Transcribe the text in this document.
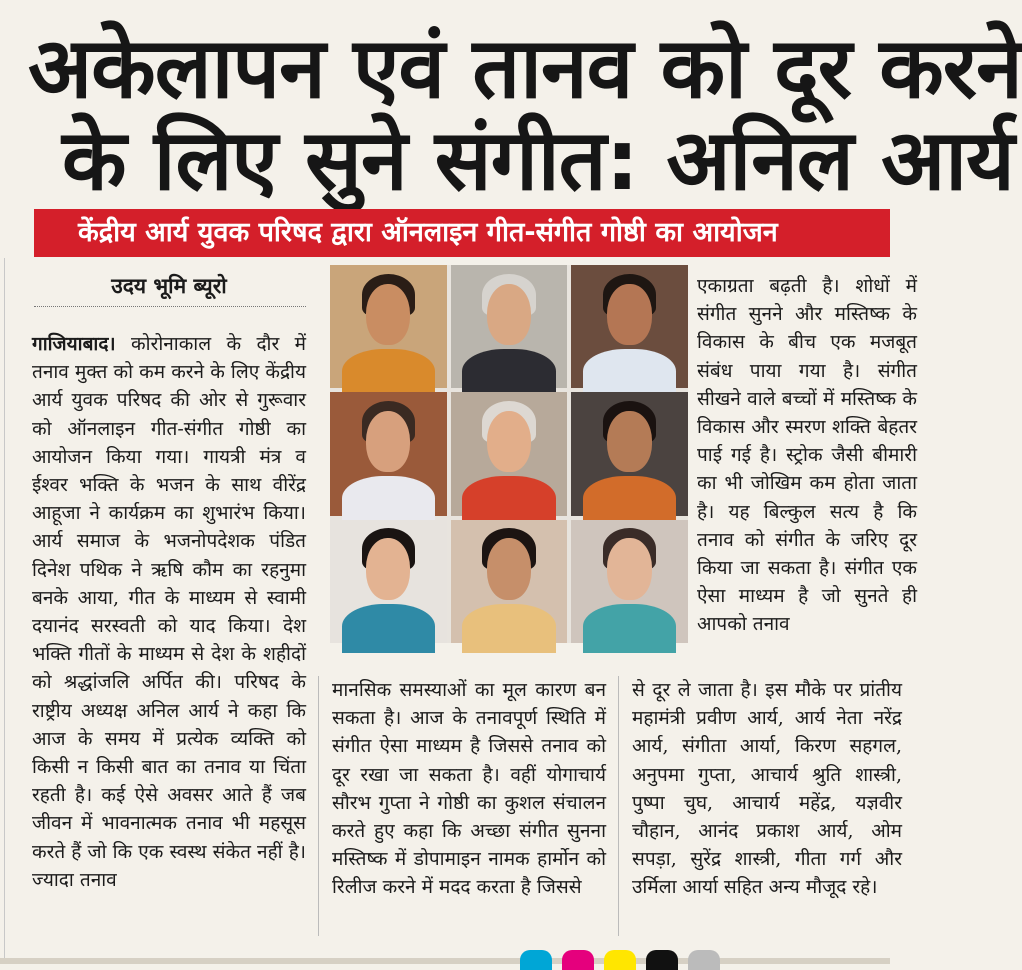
अकेलापन एवं तानव को दूर करने
के लिए सुने संगीत: अनिल आर्य
केंद्रीय आर्य युवक परिषद द्वारा ऑनलाइन गीत-संगीत गोष्ठी का आयोजन
उदय भूमि ब्यूरो

गाजियाबाद। कोरोनाकाल के दौर में तनाव मुक्त को कम करने के लिए केंद्रीय आर्य युवक परिषद की ओर से गुरूवार को ऑनलाइन गीत-संगीत गोष्ठी का आयोजन किया गया। गायत्री मंत्र व ईश्वर भक्ति के भजन के साथ वीरेंद्र आहूजा ने कार्यक्रम का शुभारंभ किया। आर्य समाज के भजनोपदेशक पंडित दिनेश पथिक ने ऋषि कौम का रहनुमा बनके आया, गीत के माध्यम से स्वामी दयानंद सरस्वती को याद किया। देश भक्ति गीतों के माध्यम से देश के शहीदों को श्रद्धांजलि अर्पित की। परिषद के राष्ट्रीय अध्यक्ष अनिल आर्य ने कहा कि आज के समय में प्रत्येक व्यक्ति को किसी न किसी बात का तनाव या चिंता रहती है। कई ऐसे अवसर आते हैं जब जीवन में भावनात्मक तनाव भी महसूस करते हैं जो कि एक स्वस्थ संकेत नहीं है। ज्यादा तनाव

एकाग्रता बढ़ती है। शोधों में संगीत सुनने और मस्तिष्क के विकास के बीच एक मजबूत संबंध पाया गया है। संगीत सीखने वाले बच्चों में मस्तिष्क के विकास और स्मरण शक्ति बेहतर पाई गई है। स्ट्रोक जैसी बीमारी का भी जोखिम कम होता जाता है। यह बिल्कुल सत्य है कि तनाव को संगीत के जरिए दूर किया जा सकता है। संगीत एक ऐसा माध्यम है जो सुनते ही आपको तनाव

मानसिक समस्याओं का मूल कारण बन सकता है। आज के तनावपूर्ण स्थिति में संगीत ऐसा माध्यम है जिससे तनाव को दूर रखा जा सकता है। वहीं योगाचार्य सौरभ गुप्ता ने गोष्ठी का कुशल संचालन करते हुए कहा कि अच्छा संगीत सुनना मस्तिष्क में डोपामाइन नामक हार्मोन को रिलीज करने में मदद करता है जिससे

से दूर ले जाता है। इस मौके पर प्रांतीय महामंत्री प्रवीण आर्य, आर्य नेता नरेंद्र आर्य, संगीता आर्या, किरण सहगल, अनुपमा गुप्ता, आचार्य श्रुति शास्त्री, पुष्पा चुघ, आचार्य महेंद्र, यज्ञवीर चौहान, आनंद प्रकाश आर्य, ओम सपड़ा, सुरेंद्र शास्त्री, गीता गर्ग और उर्मिला आर्या सहित अन्य मौजूद रहे।
